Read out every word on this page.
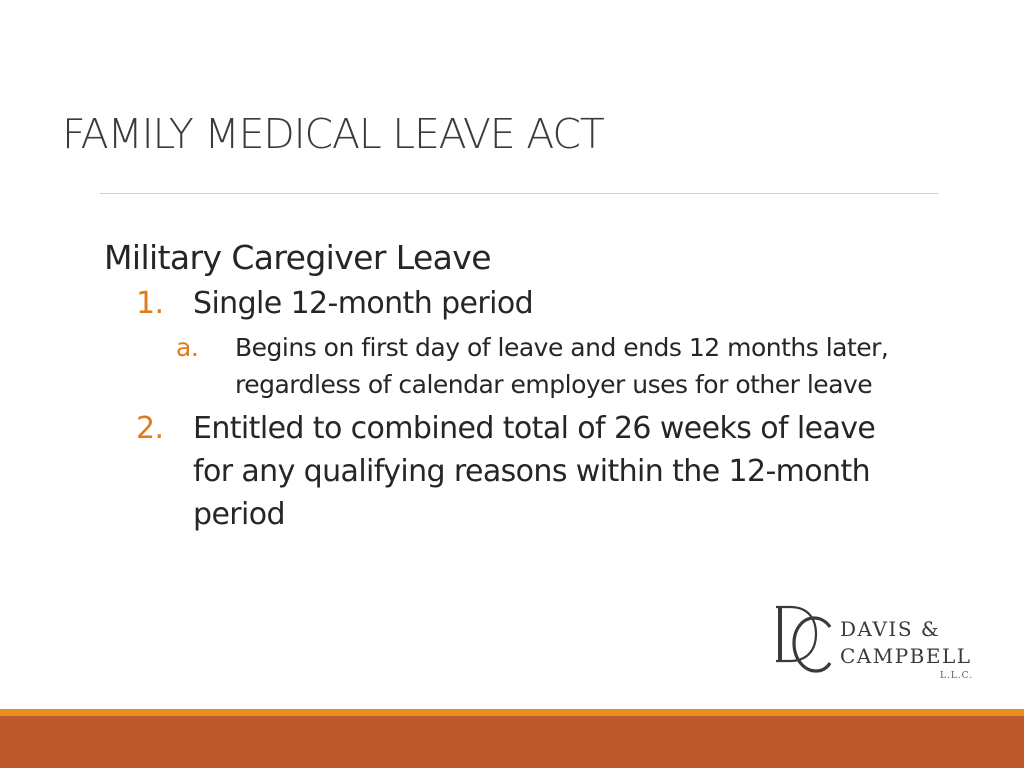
FAMILY MEDICAL LEAVE ACT
Military Caregiver Leave
1. Single 12-month period
a. Begins on first day of leave and ends 12 months later, regardless of calendar employer uses for other leave
2. Entitled to combined total of 26 weeks of leave for any qualifying reasons within the 12-month period
DAVIS &
CAMPBELL
L.L.C.
